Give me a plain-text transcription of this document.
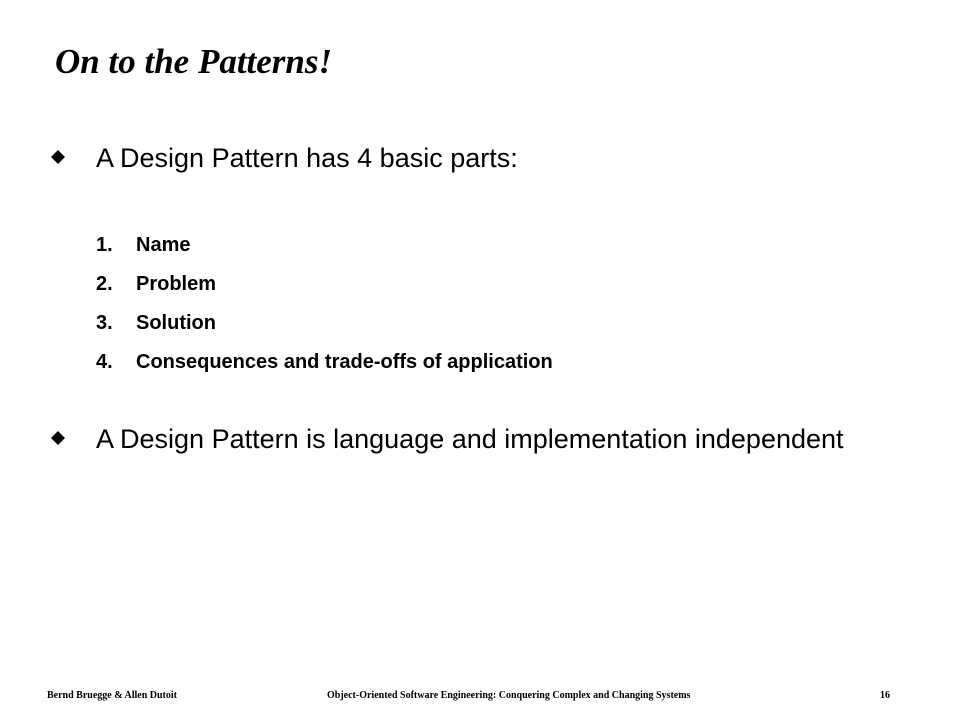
On to the Patterns!
A Design Pattern has 4 basic parts:
1. Name
2. Problem
3. Solution
4. Consequences and trade-offs of application
A Design Pattern is language and implementation independent
Bernd Bruegge & Allen Dutoit	Object-Oriented Software Engineering: Conquering Complex and Changing Systems	16
